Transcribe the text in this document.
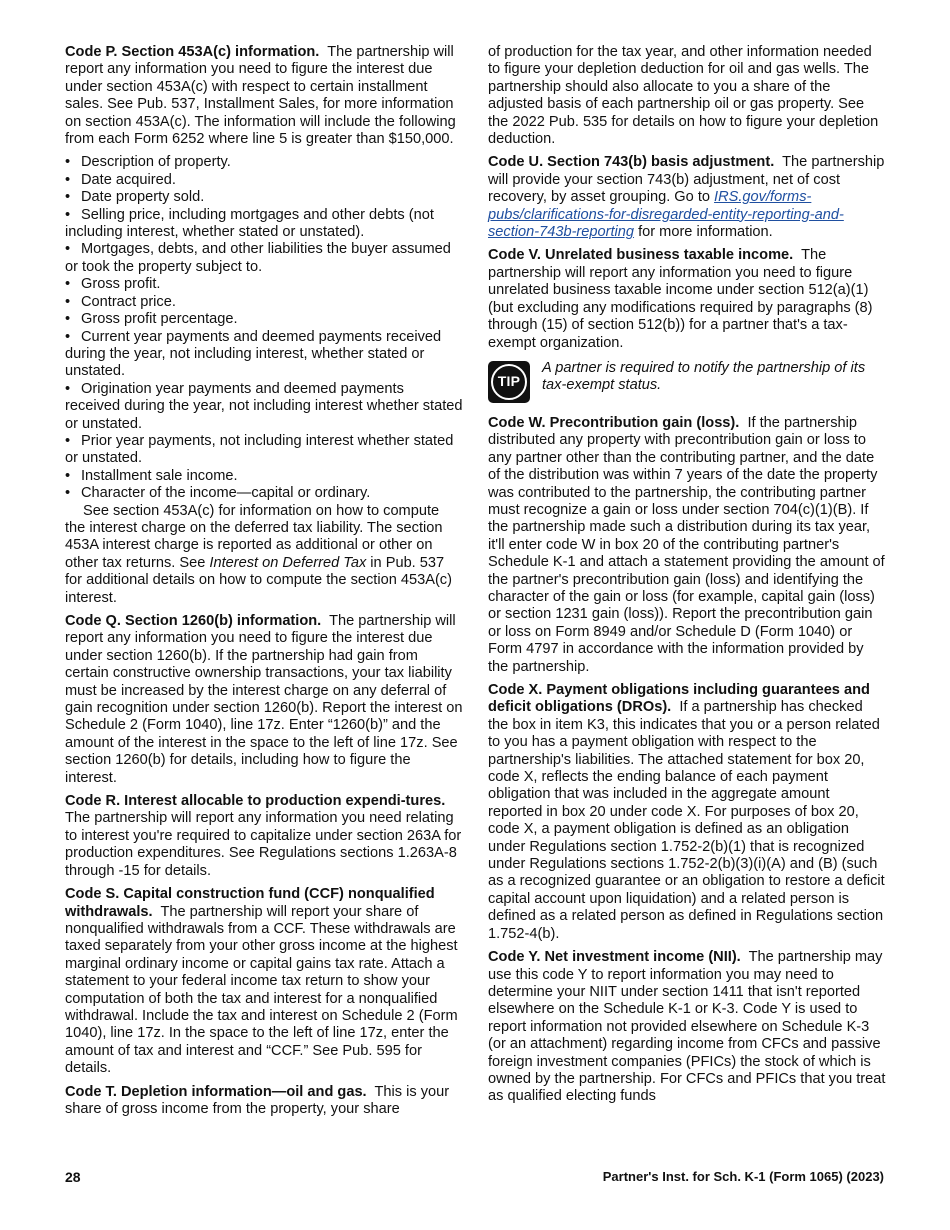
Code P. Section 453A(c) information. The partnership will report any information you need to figure the interest due under section 453A(c) with respect to certain installment sales. See Pub. 537, Installment Sales, for more information on section 453A(c). The information will include the following from each Form 6252 where line 5 is greater than $150,000.

• Description of property.
• Date acquired.
• Date property sold.
• Selling price, including mortgages and other debts (not including interest, whether stated or unstated).
• Mortgages, debts, and other liabilities the buyer assumed or took the property subject to.
• Gross profit.
• Contract price.
• Gross profit percentage.
• Current year payments and deemed payments received during the year, not including interest, whether stated or unstated.
• Origination year payments and deemed payments received during the year, not including interest whether stated or unstated.
• Prior year payments, not including interest whether stated or unstated.
• Installment sale income.
• Character of the income—capital or ordinary.

See section 453A(c) for information on how to compute the interest charge on the deferred tax liability. The section 453A interest charge is reported as additional or other on other tax returns. See Interest on Deferred Tax in Pub. 537 for additional details on how to compute the section 453A(c) interest.

Code Q. Section 1260(b) information. The partnership will report any information you need to figure the interest due under section 1260(b). If the partnership had gain from certain constructive ownership transactions, your tax liability must be increased by the interest charge on any deferral of gain recognition under section 1260(b). Report the interest on Schedule 2 (Form 1040), line 17z. Enter “1260(b)” and the amount of the interest in the space to the left of line 17z. See section 1260(b) for details, including how to figure the interest.

Code R. Interest allocable to production expendi-tures.  The partnership will report any information you need relating to interest you're required to capitalize under section 263A for production expenditures. See Regulations sections 1.263A-8 through -15 for details.

Code S. Capital construction fund (CCF) nonqualified withdrawals. The partnership will report your share of nonqualified withdrawals from a CCF. These withdrawals are taxed separately from your other gross income at the highest marginal ordinary income or capital gains tax rate. Attach a statement to your federal income tax return to show your computation of both the tax and interest for a nonqualified withdrawal. Include the tax and interest on Schedule 2 (Form 1040), line 17z. In the space to the left of line 17z, enter the amount of tax and interest and “CCF.” See Pub. 595 for details.

Code T. Depletion information—oil and gas. This is your share of gross income from the property, your share

of production for the tax year, and other information needed to figure your depletion deduction for oil and gas wells. The partnership should also allocate to you a share of the adjusted basis of each partnership oil or gas property. See the 2022 Pub. 535 for details on how to figure your depletion deduction.

Code U. Section 743(b) basis adjustment. The partnership will provide your section 743(b) adjustment, net of cost recovery, by asset grouping. Go to IRS.gov/forms-pubs/clarifications-for-disregarded-entity-reporting-and-section-743b-reporting for more information.

Code V. Unrelated business taxable income. The partnership will report any information you need to figure unrelated business taxable income under section 512(a)(1) (but excluding any modifications required by paragraphs (8) through (15) of section 512(b)) for a partner that's a tax-exempt organization.

TIP
A partner is required to notify the partnership of its tax-exempt status.

Code W. Precontribution gain (loss). If the partnership distributed any property with precontribution gain or loss to any partner other than the contributing partner, and the date of the distribution was within 7 years of the date the property was contributed to the partnership, the contributing partner must recognize a gain or loss under section 704(c)(1)(B). If the partnership made such a distribution during its tax year, it'll enter code W in box 20 of the contributing partner's Schedule K-1 and attach a statement providing the amount of the partner's precontribution gain (loss) and identifying the character of the gain or loss (for example, capital gain (loss) or section 1231 gain (loss)). Report the precontribution gain or loss on Form 8949 and/or Schedule D (Form 1040) or Form 4797 in accordance with the information provided by the partnership.

Code X. Payment obligations including guarantees and deficit obligations (DROs). If a partnership has checked the box in item K3, this indicates that you or a person related to you has a payment obligation with respect to the partnership's liabilities. The attached statement for box 20, code X, reflects the ending balance of each payment obligation that was included in the aggregate amount reported in box 20 under code X. For purposes of box 20, code X, a payment obligation is defined as an obligation under Regulations section 1.752-2(b)(1) that is recognized under Regulations sections 1.752-2(b)(3)(i)(A) and (B) (such as a recognized guarantee or an obligation to restore a deficit capital account upon liquidation) and a related person is defined as a related person as defined in Regulations section 1.752-4(b).

Code Y. Net investment income (NII). The partnership may use this code Y to report information you may need to determine your NIIT under section 1411 that isn't reported elsewhere on the Schedule K-1 or K-3. Code Y is used to report information not provided elsewhere on Schedule K-3 (or an attachment) regarding income from CFCs and passive foreign investment companies (PFICs) the stock of which is owned by the partnership. For CFCs and PFICs that you treat as qualified electing funds

28	Partner's Inst. for Sch. K-1 (Form 1065) (2023)
